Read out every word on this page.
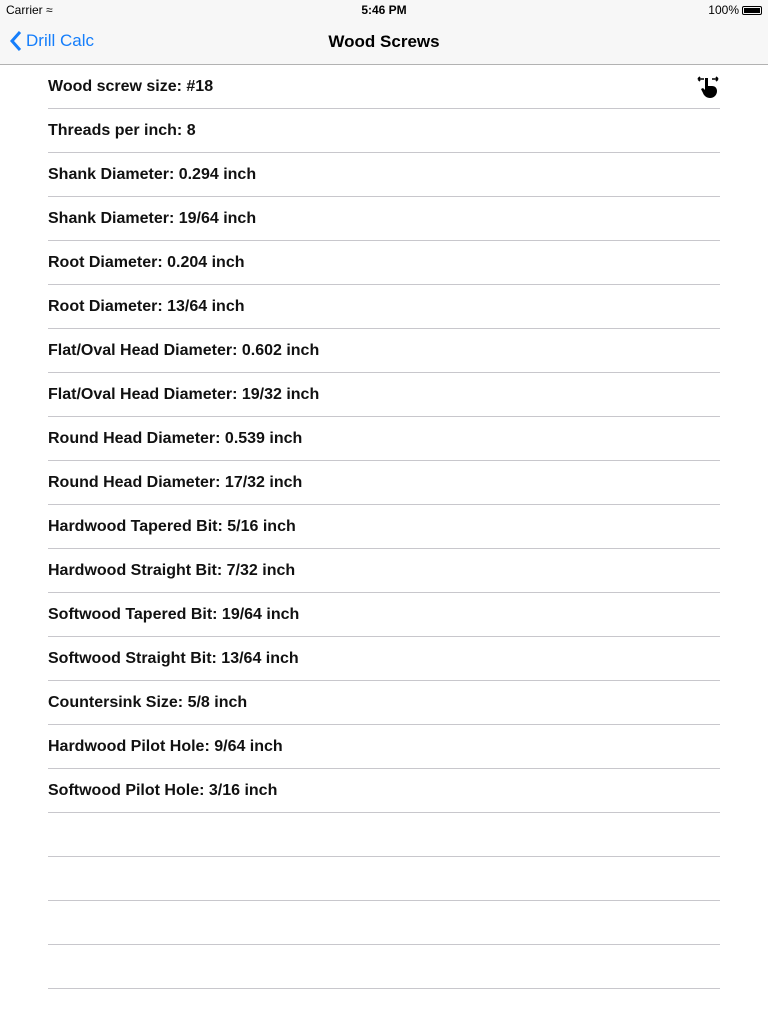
Carrier ≈	5:46 PM	100%
Drill Calc	Wood Screws
Wood screw size: #18
Threads per inch: 8
Shank Diameter: 0.294 inch
Shank Diameter: 19/64 inch
Root Diameter: 0.204 inch
Root Diameter: 13/64 inch
Flat/Oval Head Diameter: 0.602 inch
Flat/Oval Head Diameter: 19/32 inch
Round Head Diameter: 0.539 inch
Round Head Diameter: 17/32 inch
Hardwood Tapered Bit: 5/16 inch
Hardwood Straight Bit: 7/32 inch
Softwood Tapered Bit: 19/64 inch
Softwood Straight Bit: 13/64 inch
Countersink Size: 5/8 inch
Hardwood Pilot Hole: 9/64 inch
Softwood Pilot Hole: 3/16 inch
